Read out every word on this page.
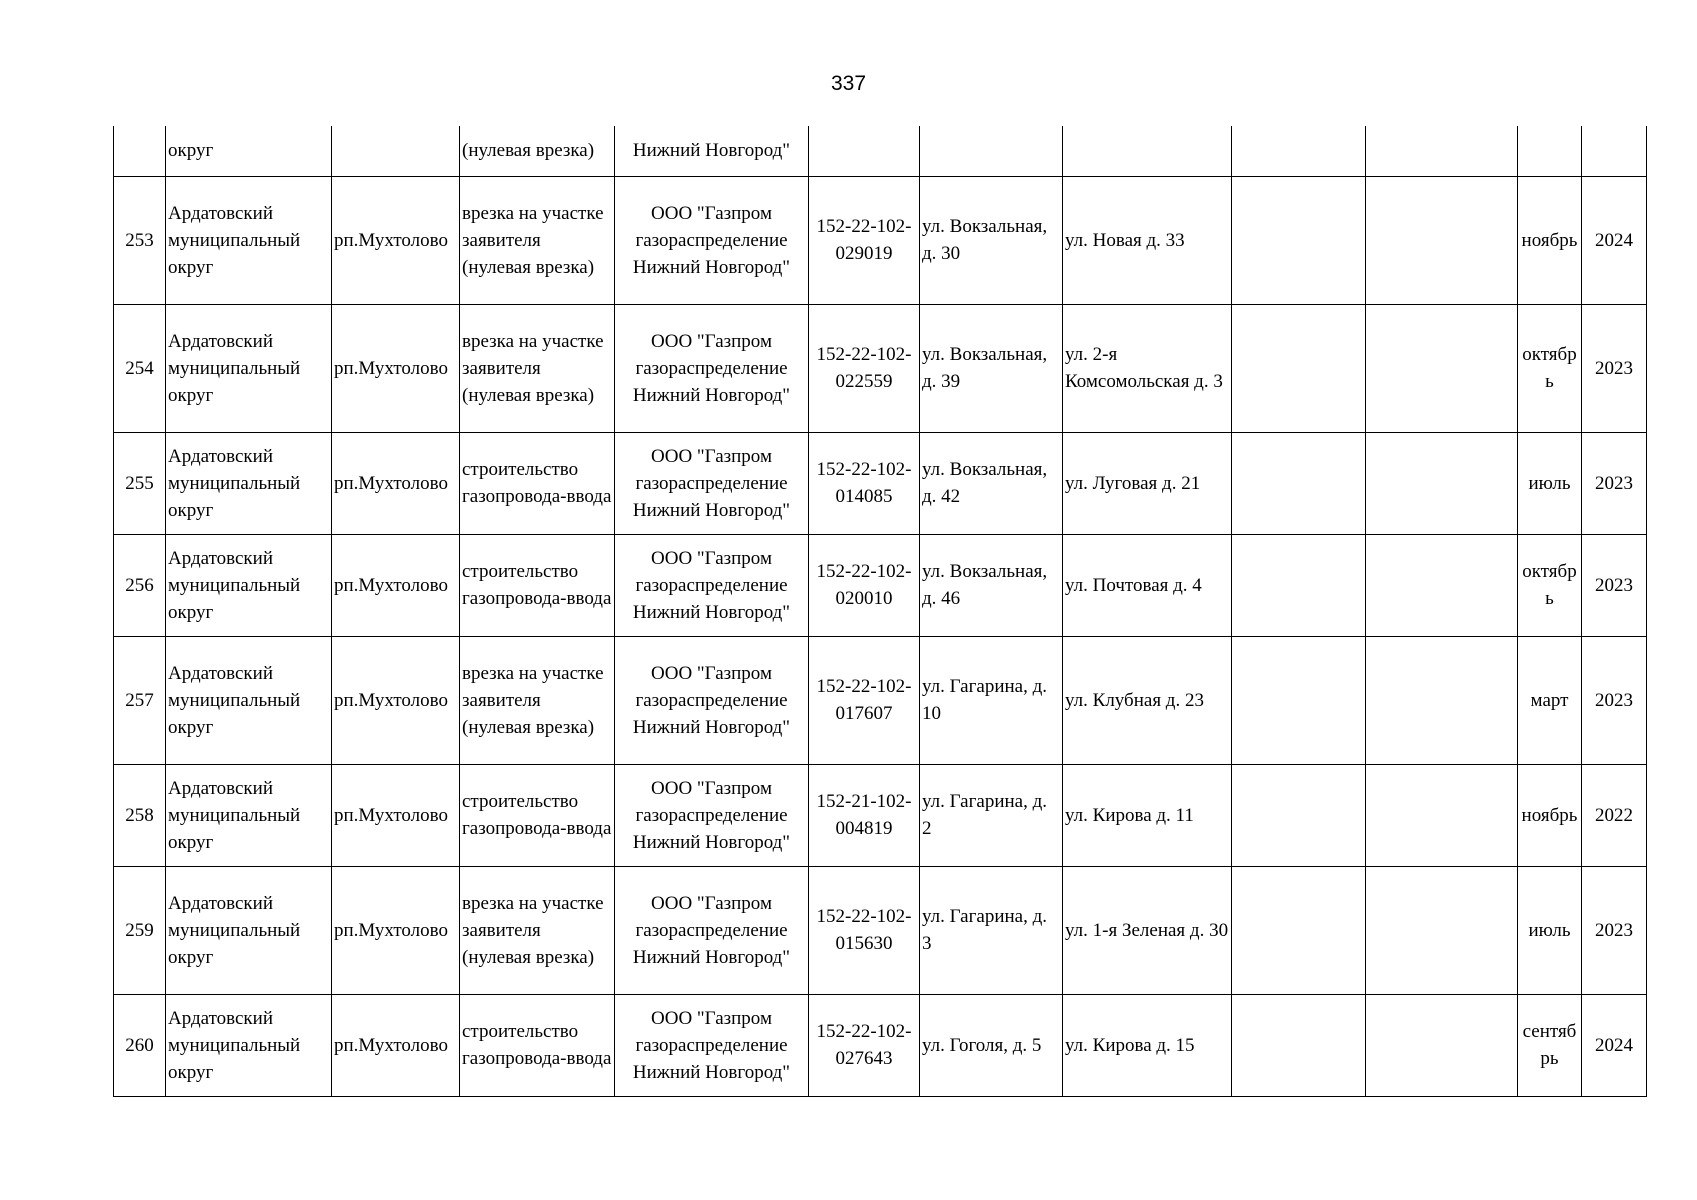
337
	округ		(нулевая врезка)	Нижний Новгород"							
253	Ардатовский муниципальный округ	рп.Мухтолово	врезка на участке заявителя (нулевая врезка)	ООО "Газпром газораспределение Нижний Новгород"	152-22-102-029019	ул. Вокзальная, д. 30	ул. Новая д. 33			ноябрь	2024
254	Ардатовский муниципальный округ	рп.Мухтолово	врезка на участке заявителя (нулевая врезка)	ООО "Газпром газораспределение Нижний Новгород"	152-22-102-022559	ул. Вокзальная, д. 39	ул. 2-я Комсомольская д. 3			октябрь	2023
255	Ардатовский муниципальный округ	рп.Мухтолово	строительство газопровода-ввода	ООО "Газпром газораспределение Нижний Новгород"	152-22-102-014085	ул. Вокзальная, д. 42	ул. Луговая д. 21			июль	2023
256	Ардатовский муниципальный округ	рп.Мухтолово	строительство газопровода-ввода	ООО "Газпром газораспределение Нижний Новгород"	152-22-102-020010	ул. Вокзальная, д. 46	ул. Почтовая д. 4			октябрь	2023
257	Ардатовский муниципальный округ	рп.Мухтолово	врезка на участке заявителя (нулевая врезка)	ООО "Газпром газораспределение Нижний Новгород"	152-22-102-017607	ул. Гагарина, д. 10	ул. Клубная д. 23			март	2023
258	Ардатовский муниципальный округ	рп.Мухтолово	строительство газопровода-ввода	ООО "Газпром газораспределение Нижний Новгород"	152-21-102-004819	ул. Гагарина, д. 2	ул. Кирова д. 11			ноябрь	2022
259	Ардатовский муниципальный округ	рп.Мухтолово	врезка на участке заявителя (нулевая врезка)	ООО "Газпром газораспределение Нижний Новгород"	152-22-102-015630	ул. Гагарина, д. 3	ул. 1-я Зеленая д. 30			июль	2023
260	Ардатовский муниципальный округ	рп.Мухтолово	строительство газопровода-ввода	ООО "Газпром газораспределение Нижний Новгород"	152-22-102-027643	ул. Гоголя, д. 5	ул. Кирова д. 15			сентябрь	2024
